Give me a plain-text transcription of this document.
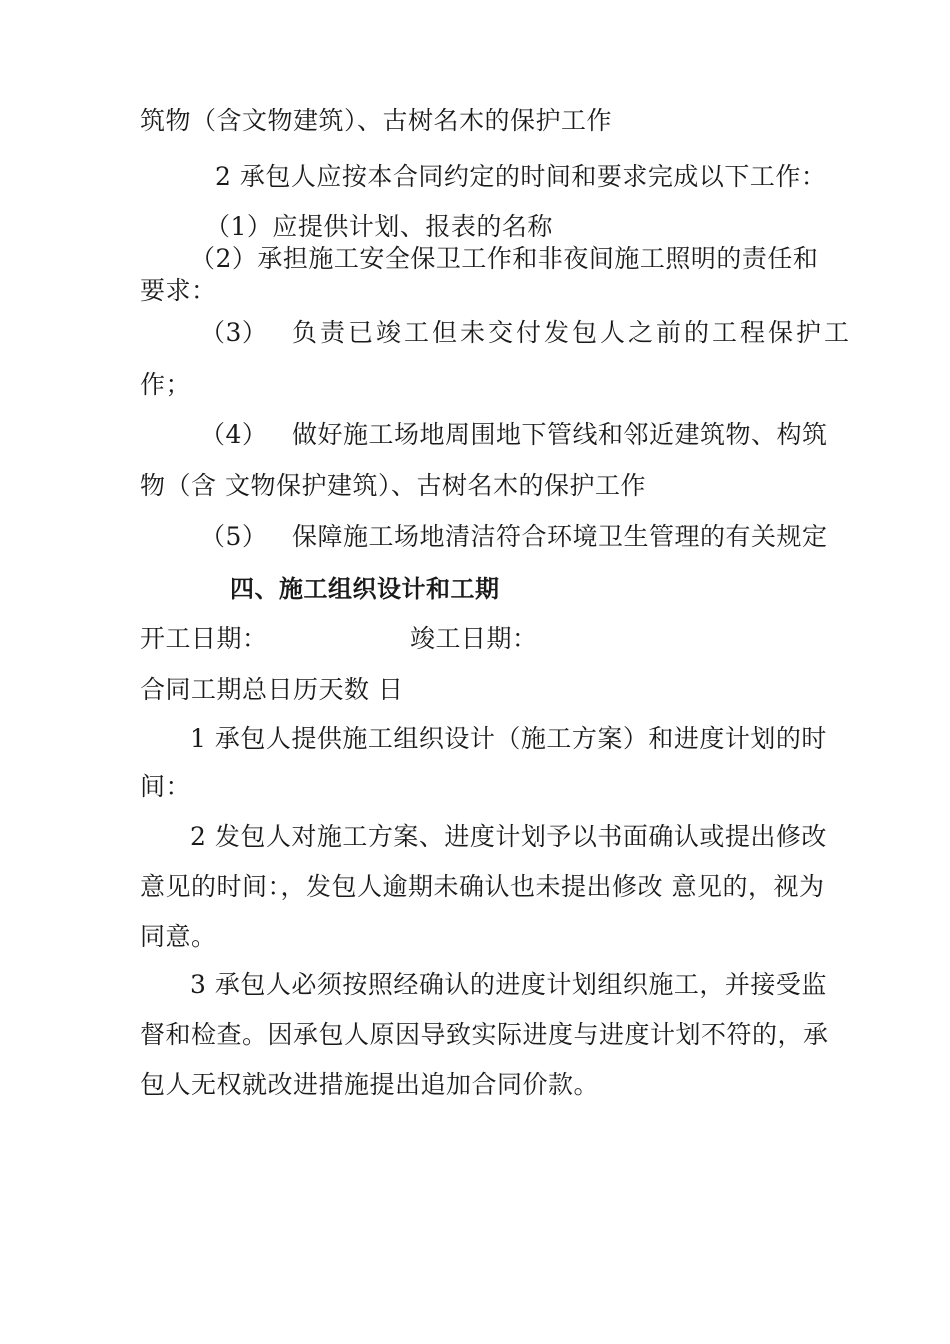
筑物（含文物建筑）、古树名木的保护工作
2 承包人应按本合同约定的时间和要求完成以下工作：
（1）应提供计划、报表的名称
（2）承担施工安全保卫工作和非夜间施工照明的责任和
要求：
（3） 负责已竣工但未交付发包人之前的工程保护工
作；
（4） 做好施工场地周围地下管线和邻近建筑物、构筑
物（含 文物保护建筑）、古树名木的保护工作
（5） 保障施工场地清洁符合环境卫生管理的有关规定
四、施工组织设计和工期
开工日期：	竣工日期：
合同工期总日历天数 日
1 承包人提供施工组织设计（施工方案）和进度计划的时
间：
2 发包人对施工方案、进度计划予以书面确认或提出修改
意见的时间：，发包人逾期未确认也未提出修改 意见的，视为
同意。
3 承包人必须按照经确认的进度计划组织施工，并接受监
督和检查。因承包人原因导致实际进度与进度计划不符的，承
包人无权就改进措施提出追加合同价款。
